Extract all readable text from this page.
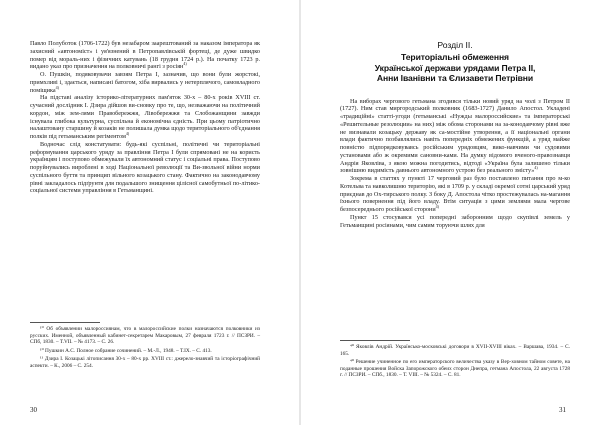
Павло Полуботок (1706-1722) був незабаром заарештований за наказом імператора як захисний «автономіст» і уя'язнений в Петропавлівській фортеці, де дуже швидко помер від мораль-них і фізичних катувань (18 грудня 1724 р.). На початку 1723 р. видано указ про призначення на полковничі рангі з росіян$^{4)}$

О. Пушкін, подяковувачи завзям Петра І, зазначив, що вони були жорстокі, примхливі і, здається, написані батогом, хіба вирвались у нетерплячого, самовладного поміщика$^{4)}$

На підставі аналізу історико-літературних пам'яток 30-х – 80-х років XVIII ст. сучасний дослідник І. Дзира дійшов ви-сновку про те, що, незважаючи на політичний кордон, між зем-лями Правобережжя, Лівобережжя та Слобожанщини завжди існувала глибока культурна, суспільна й економічна єдність. При цьому патріотично налаштовану старшину й козаків не полишала думка щодо територіального об'єднання полків під гетьманським регіментом$^{4)}$

Водночас слід констатувати: будь-які суспільні, політичні чи територіальні реформування царського уряду за правління Петра І були спрямовані не на користь українцям і поступово обмежували їх автономний статус і соціальні права. Поступово поруйнувались вироблені в ході Національної революції та Ви-звольної війни норми суспільного буття та принцип вільного козацького стану. Фактично на законодавчому рівні закладалось підґрунтя для подальшого знищення цілісної самобутньої по-лiтико-соціальної системи управління в Гетьманщині.

¹⁰ Об объявлении малороссиянам, что в малороссийские полки назначаются полковники из русских. Именной, объявленный кабинет-секретарем Макаровым, 27 февраля 1723 г. // ПСЗРИ. – СПб, 1830. – Т.VII. – № 4173. – С. 26.

¹⁰ Пушкин А.С. Полное собрание сочинений. – М.-Л., 1948. – Т.IX. – С. 413.

¹¹ Дзира І. Козацькі літописання 30-х – 80-х рр. XVIII ст.: джерело-знавчий та історіографічний аспекти. – К., 2006 – С. 254.

30
Розділ ІІ.
Територіальні обмеження
Української держави урядами Петра ІІ,
Анни Іванівни та Єлизавети Петрівни

На виборах чергового гетьмана згодився тільки новий уряд на чолі з Петром ІІ (1727). Ним став миргородський полковник (1683-1727) Данило Апостол. Укладені «традиційні» статті-угоди (гетьманські «Нужды малороссийские» та імператорські «Решительные резолюции» на них) між обома сторонами на за-конодавчому рівні вже не визнавали козацьку державу як са-мостійне утворення, а її національні органи влади фактично позбавлялись навіть попередніх обмежених функцій, а уряд майже повністю підпорядковувавсь російським урядовцям, вико-навчими чи судовими установами або ж окремими сановни-ками. На думку відомого вченого-правознавця Андрія Яковліва, з якою можна погодитись, відтоді «Україна була залишено тільки зовнішню видимість давнього автономного устрою без реального змісту»$^{4)}$

Зокрема в статтях у пункті 17 черговий раз було поставлено питання про м-ко Котельва та навколишню територію, які в 1709 р. у складі окремої сотні царський уряд приєднав до Ох-тирського полку. З боку Д. Апостола чітко простежувалась на-магання їхнього повернення під його владу. Втім ситуація з цими землями мала чергове безпосереднього російської сторони$^{4)}$

Пункт 15 стосувався усі попередні заборонним щодо скупівлі земель у Гетьманщині росіянами, чим самим торуючи шлях для

⁴⁰ Яковлів Андрій. Українсько-московські договори в XVII-XVIII віках. – Варшава, 1934. – С. 165.

⁴⁰ Решение учиненное по его императорского величества указу в Вер-ховном тайном совете, на поданные прошения Войска Запорожского обеих сторон Днепра, гетмана Апостола, 22 августа 1728 г. // ПСЗРИ. – СПб., 1830. – Т. VIII. – № 5324. – С. 81.

31
